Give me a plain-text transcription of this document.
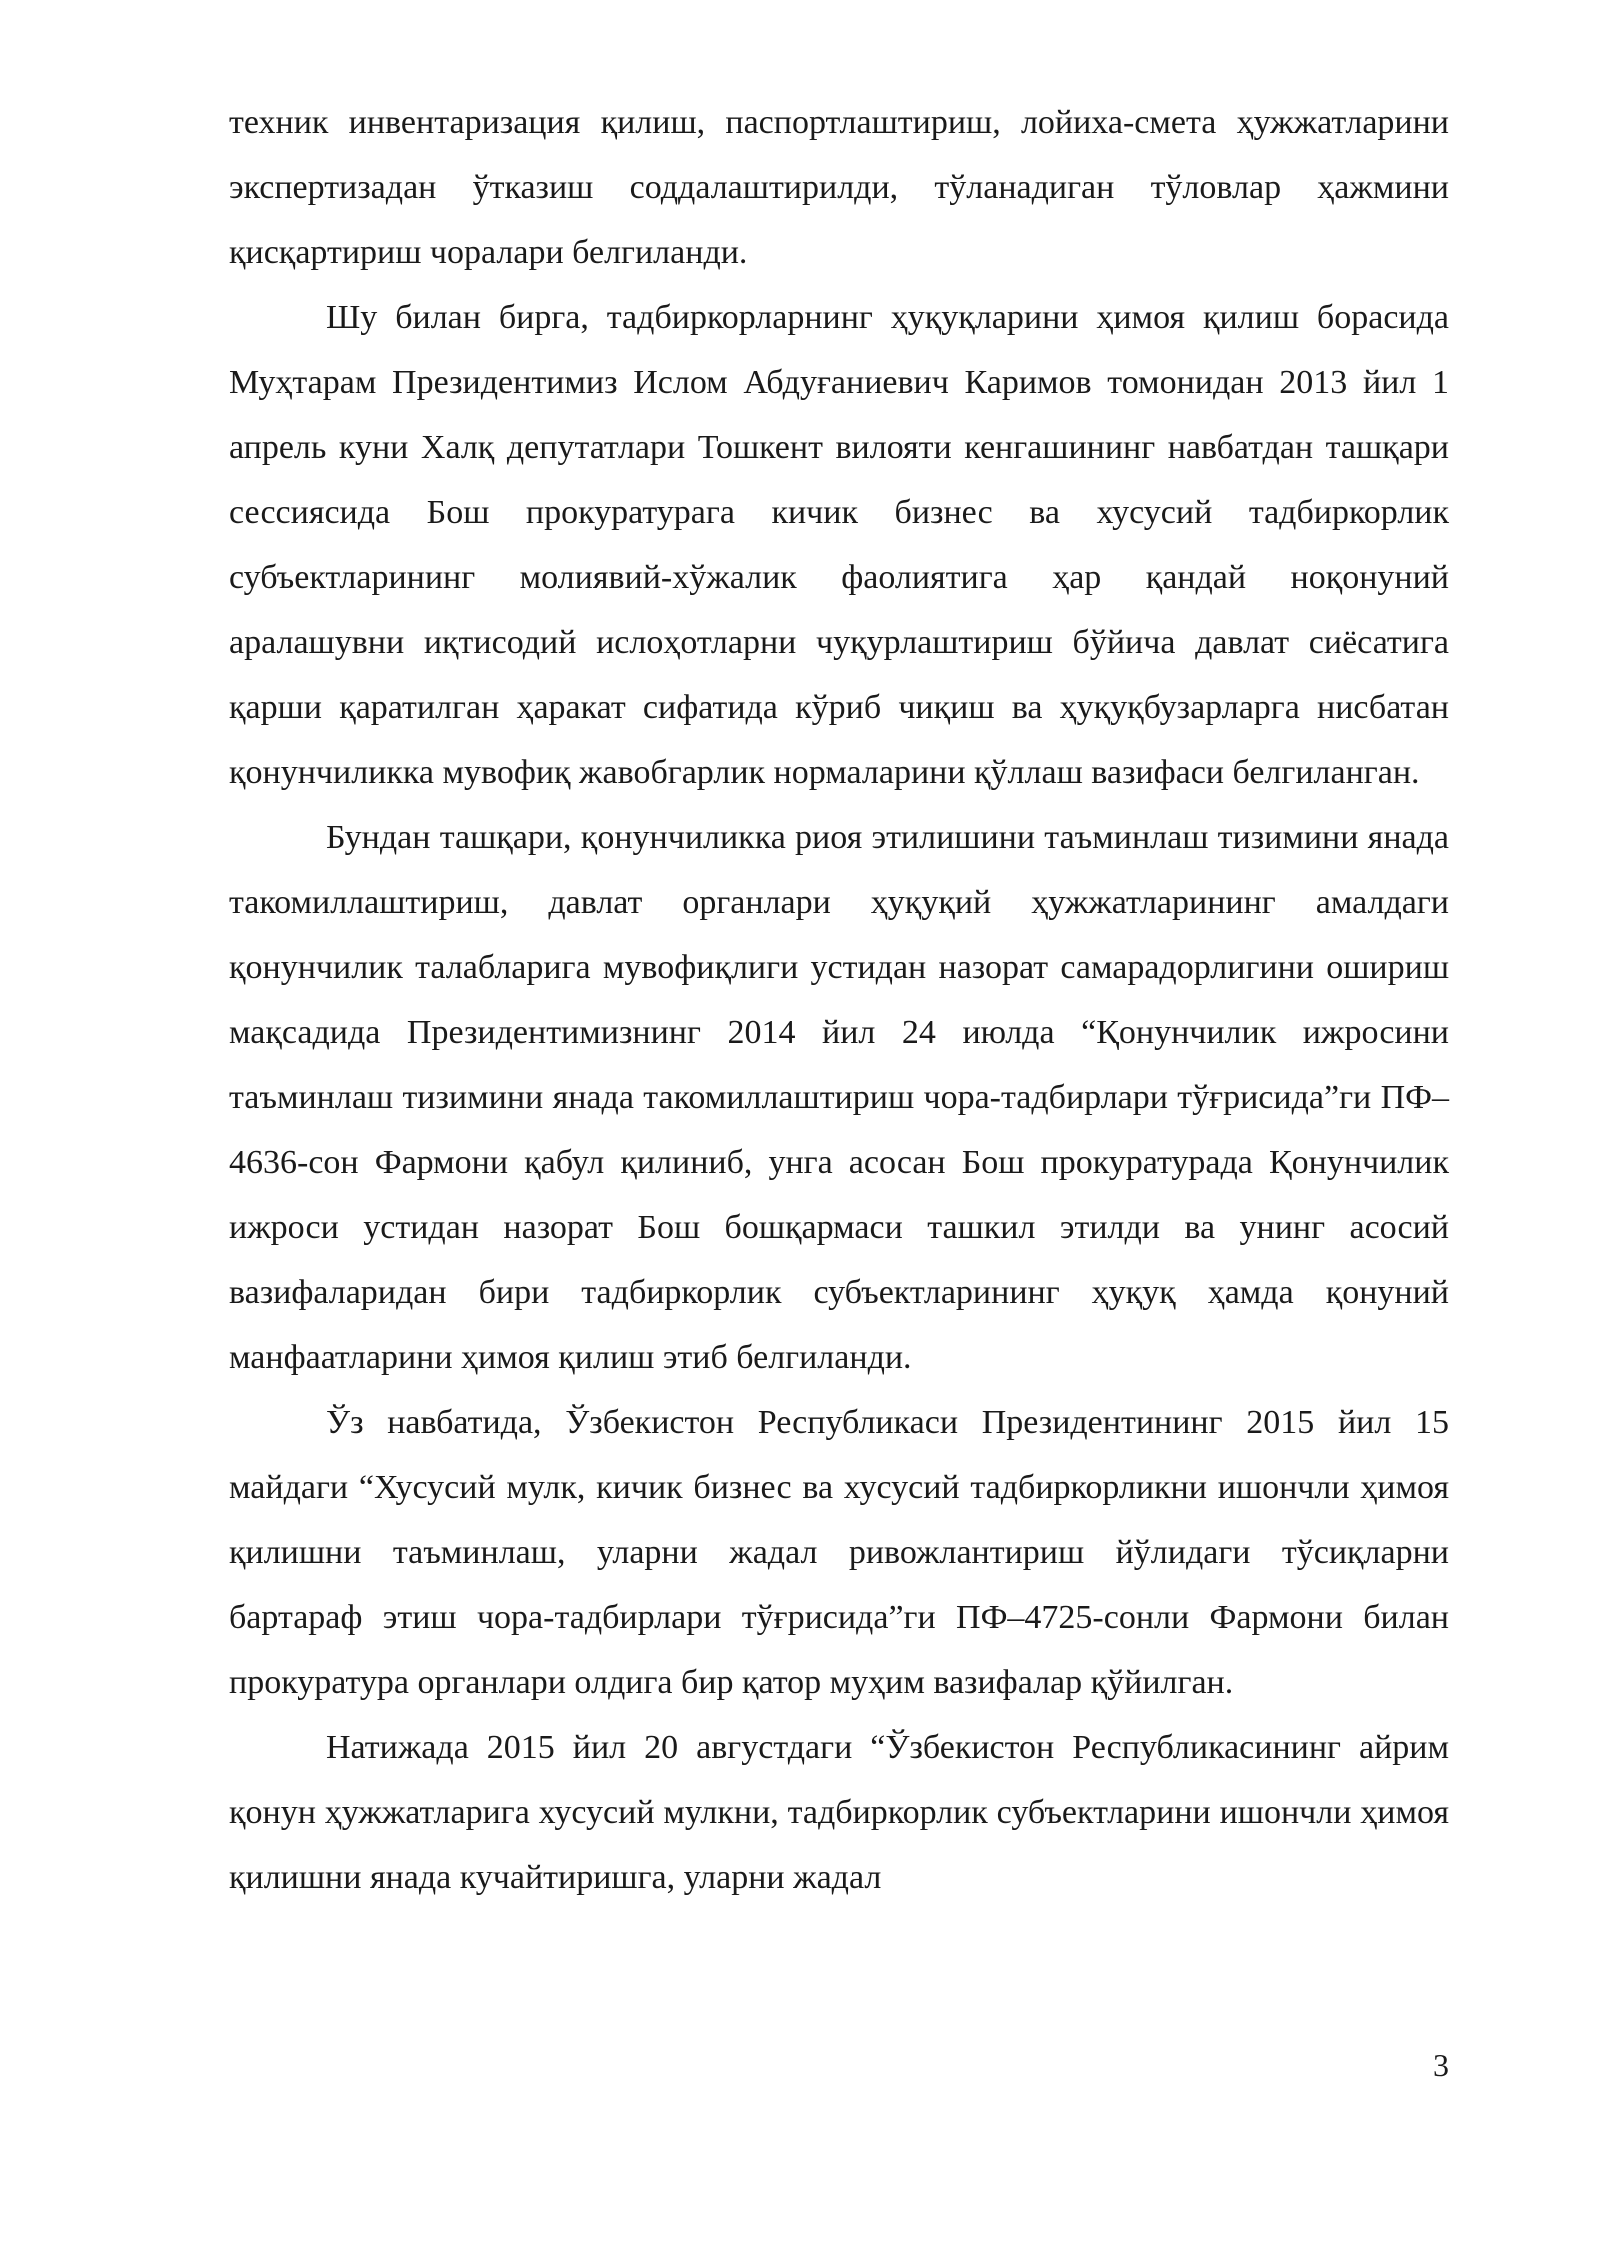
техник инвентаризация қилиш, паспортлаштириш, лойиха-смета ҳужжатларини экспертизадан ўтказиш соддалаштирилди, тўланадиган тўловлар ҳажмини қисқартириш чоралари белгиланди.

Шу билан бирга, тадбиркорларнинг ҳуқуқларини ҳимоя қилиш борасида Муҳтарам Президентимиз Ислом Абдуғаниевич Каримов томонидан 2013 йил 1 апрель куни Халқ депутатлари Тошкент вилояти кенгашининг навбатдан ташқари сессиясида Бош прокуратурага кичик бизнес ва хусусий тадбиркорлик субъектларининг молиявий-хўжалик фаолиятига ҳар қандай ноқонуний аралашувни иқтисодий ислоҳотларни чуқурлаштириш бўйича давлат сиёсатига қарши қаратилган ҳаракат сифатида кўриб чиқиш ва ҳуқуқбузарларга нисбатан қонунчиликка мувофиқ жавобгарлик нормаларини қўллаш вазифаси белгиланган.

Бундан ташқари, қонунчиликка риоя этилишини таъминлаш тизимини янада такомиллаштириш, давлат органлари ҳуқуқий ҳужжатларининг амалдаги қонунчилик талабларига мувофиқлиги устидан назорат самарадорлигини ошириш мақсадида Президентимизнинг 2014 йил 24 июлда “Қонунчилик ижросини таъминлаш тизимини янада такомиллаштириш чора-тадбирлари тўғрисида”ги ПФ–4636-сон Фармони қабул қилиниб, унга асосан Бош прокуратурада Қонунчилик ижроси устидан назорат Бош бошқармаси ташкил этилди ва унинг асосий вазифаларидан бири тадбиркорлик субъектларининг ҳуқуқ ҳамда қонуний манфаатларини ҳимоя қилиш этиб белгиланди.

Ўз навбатида, Ўзбекистон Республикаси Президентининг 2015 йил 15 майдаги “Хусусий мулк, кичик бизнес ва хусусий тадбиркорликни ишончли ҳимоя қилишни таъминлаш, уларни жадал ривожлантириш йўлидаги тўсиқларни бартараф этиш чора-тадбирлари тўғрисида”ги ПФ–4725-сонли Фармони билан прокуратура органлари олдига бир қатор муҳим вазифалар қўйилган.

Натижада 2015 йил 20 августдаги “Ўзбекистон Республикасининг айрим қонун ҳужжатларига хусусий мулкни, тадбиркорлик субъектларини ишончли ҳимоя қилишни янада кучайтиришга, уларни жадал

3
